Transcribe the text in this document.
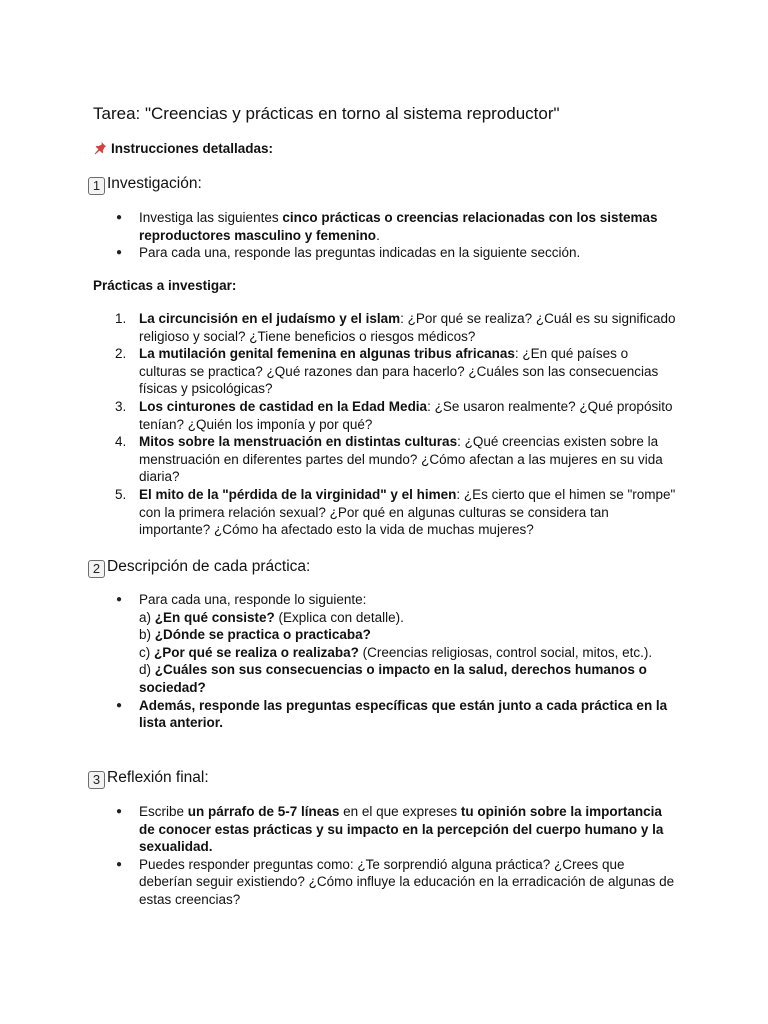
Tarea: "Creencias y prácticas en torno al sistema reproductor"
Instrucciones detalladas:
1 Investigación:
● Investiga las siguientes cinco prácticas o creencias relacionadas con los sistemas reproductores masculino y femenino.
● Para cada una, responde las preguntas indicadas en la siguiente sección.
Prácticas a investigar:
1. La circuncisión en el judaísmo y el islam: ¿Por qué se realiza? ¿Cuál es su significado religioso y social? ¿Tiene beneficios o riesgos médicos?
2. La mutilación genital femenina en algunas tribus africanas: ¿En qué países o culturas se practica? ¿Qué razones dan para hacerlo? ¿Cuáles son las consecuencias físicas y psicológicas?
3. Los cinturones de castidad en la Edad Media: ¿Se usaron realmente? ¿Qué propósito tenían? ¿Quién los imponía y por qué?
4. Mitos sobre la menstruación en distintas culturas: ¿Qué creencias existen sobre la menstruación en diferentes partes del mundo? ¿Cómo afectan a las mujeres en su vida diaria?
5. El mito de la "pérdida de la virginidad" y el himen: ¿Es cierto que el himen se "rompe" con la primera relación sexual? ¿Por qué en algunas culturas se considera tan importante? ¿Cómo ha afectado esto la vida de muchas mujeres?
2 Descripción de cada práctica:
● Para cada una, responde lo siguiente:
a) ¿En qué consiste? (Explica con detalle).
b) ¿Dónde se practica o practicaba?
c) ¿Por qué se realiza o realizaba? (Creencias religiosas, control social, mitos, etc.).
d) ¿Cuáles son sus consecuencias o impacto en la salud, derechos humanos o sociedad?
● Además, responde las preguntas específicas que están junto a cada práctica en la lista anterior.
3 Reflexión final:
● Escribe un párrafo de 5-7 líneas en el que expreses tu opinión sobre la importancia de conocer estas prácticas y su impacto en la percepción del cuerpo humano y la sexualidad.
● Puedes responder preguntas como: ¿Te sorprendió alguna práctica? ¿Crees que deberían seguir existiendo? ¿Cómo influye la educación en la erradicación de algunas de estas creencias?
